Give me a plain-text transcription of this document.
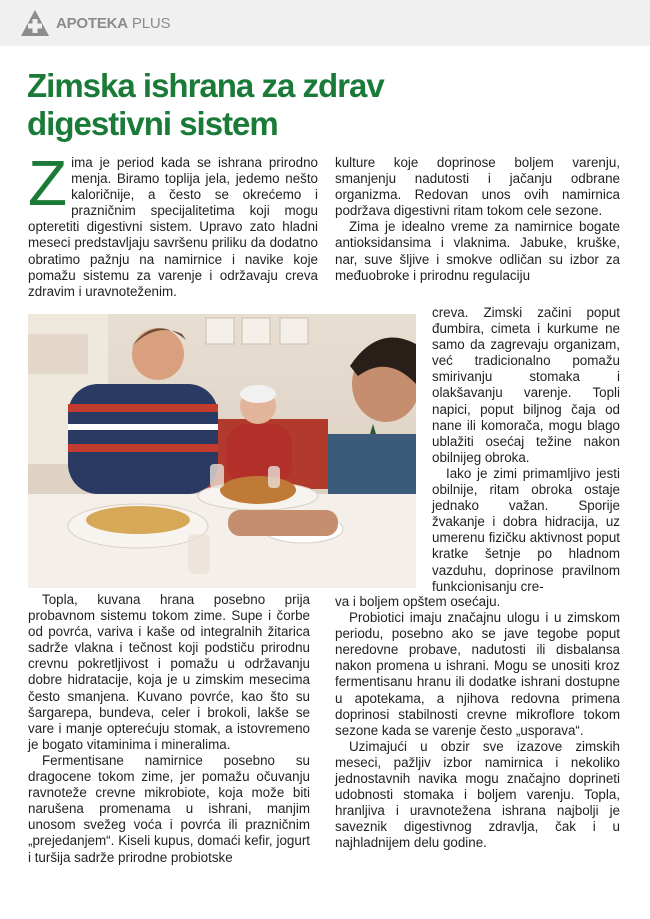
APOTEKA PLUS
Zimska ishrana za zdrav
digestivni sistem

Zima je period kada se ishrana prirodno menja. Biramo toplija jela, jedemo nešto kaloričnije, a često se okrećemo i prazničnim specijalitetima koji mogu opteretiti digestivni sistem. Upravo zato hladni meseci predstavljaju savršenu priliku da dodatno obratimo pažnju na namirnice i navike koje pomažu sistemu za varenje i održavaju creva zdravim i uravnoteženim.

Topla, kuvana hrana posebno prija probavnom sistemu tokom zime. Supe i čorbe od povrća, variva i kaše od integralnih žitarica sadrže vlakna i tečnost koji podstiču prirodnu crevnu pokretljivost i pomažu u održavanju dobre hidratacije, koja je u zimskim mesecima često smanjena. Kuvano povrće, kao što su šargarepa, bundeva, celer i brokoli, lakše se vare i manje opterećuju stomak, a istovremeno je bogato vitaminima i mineralima.

Fermentisane namirnice posebno su dragocene tokom zime, jer pomažu očuvanju ravnoteže crevne mikrobiote, koja može biti narušena promenama u ishrani, manjim unosom svežeg voća i povrća ili prazničnim „prejedanjem“. Kiseli kupus, domaći kefir, jogurt i turšija sadrže prirodne probiotske

kulture koje doprinose boljem varenju, smanjenju nadutosti i jačanju odbrane organizma. Redovan unos ovih namirnica podržava digestivni ritam tokom cele sezone.

Zima je idealno vreme za namirnice bogate antioksidansima i vlaknima. Jabuke, kruške, nar, suve šljive i smokve odličan su izbor za međuobroke i prirodnu regulaciju

creva. Zimski začini poput đumbira, cimeta i kurkume ne samo da zagrevaju organizam, već tradicionalno pomažu smirivanju stomaka i olakšavanju varenje. Topli napici, poput biljnog čaja od nane ili komorača, mogu blago ublažiti osećaj težine nakon obilnijeg obroka.

Iako je zimi primamljivo jesti obilnije, ritam obroka ostaje jednako važan. Sporije žvakanje i dobra hidracija, uz umerenu fizičku aktivnost poput kratke šetnje po hladnom vazduhu, doprinose pravilnom funkcionisanju cre-

va i boljem opštem osećaju.

Probiotici imaju značajnu ulogu i u zimskom periodu, posebno ako se jave tegobe poput neredovne probave, nadutosti ili disbalansa nakon promena u ishrani. Mogu se unositi kroz fermentisanu hranu ili dodatke ishrani dostupne u apotekama, a njihova redovna primena doprinosi stabilnosti crevne mikroflore tokom sezone kada se varenje često „usporava“.

Uzimajući u obzir sve izazove zimskih meseci, pažljiv izbor namirnica i nekoliko jednostavnih navika mogu značajno doprineti udobnosti stomaka i boljem varenju. Topla, hranljiva i uravnotežena ishrana najbolji je saveznik digestivnog zdravlja, čak i u najhladnijem delu godine.
